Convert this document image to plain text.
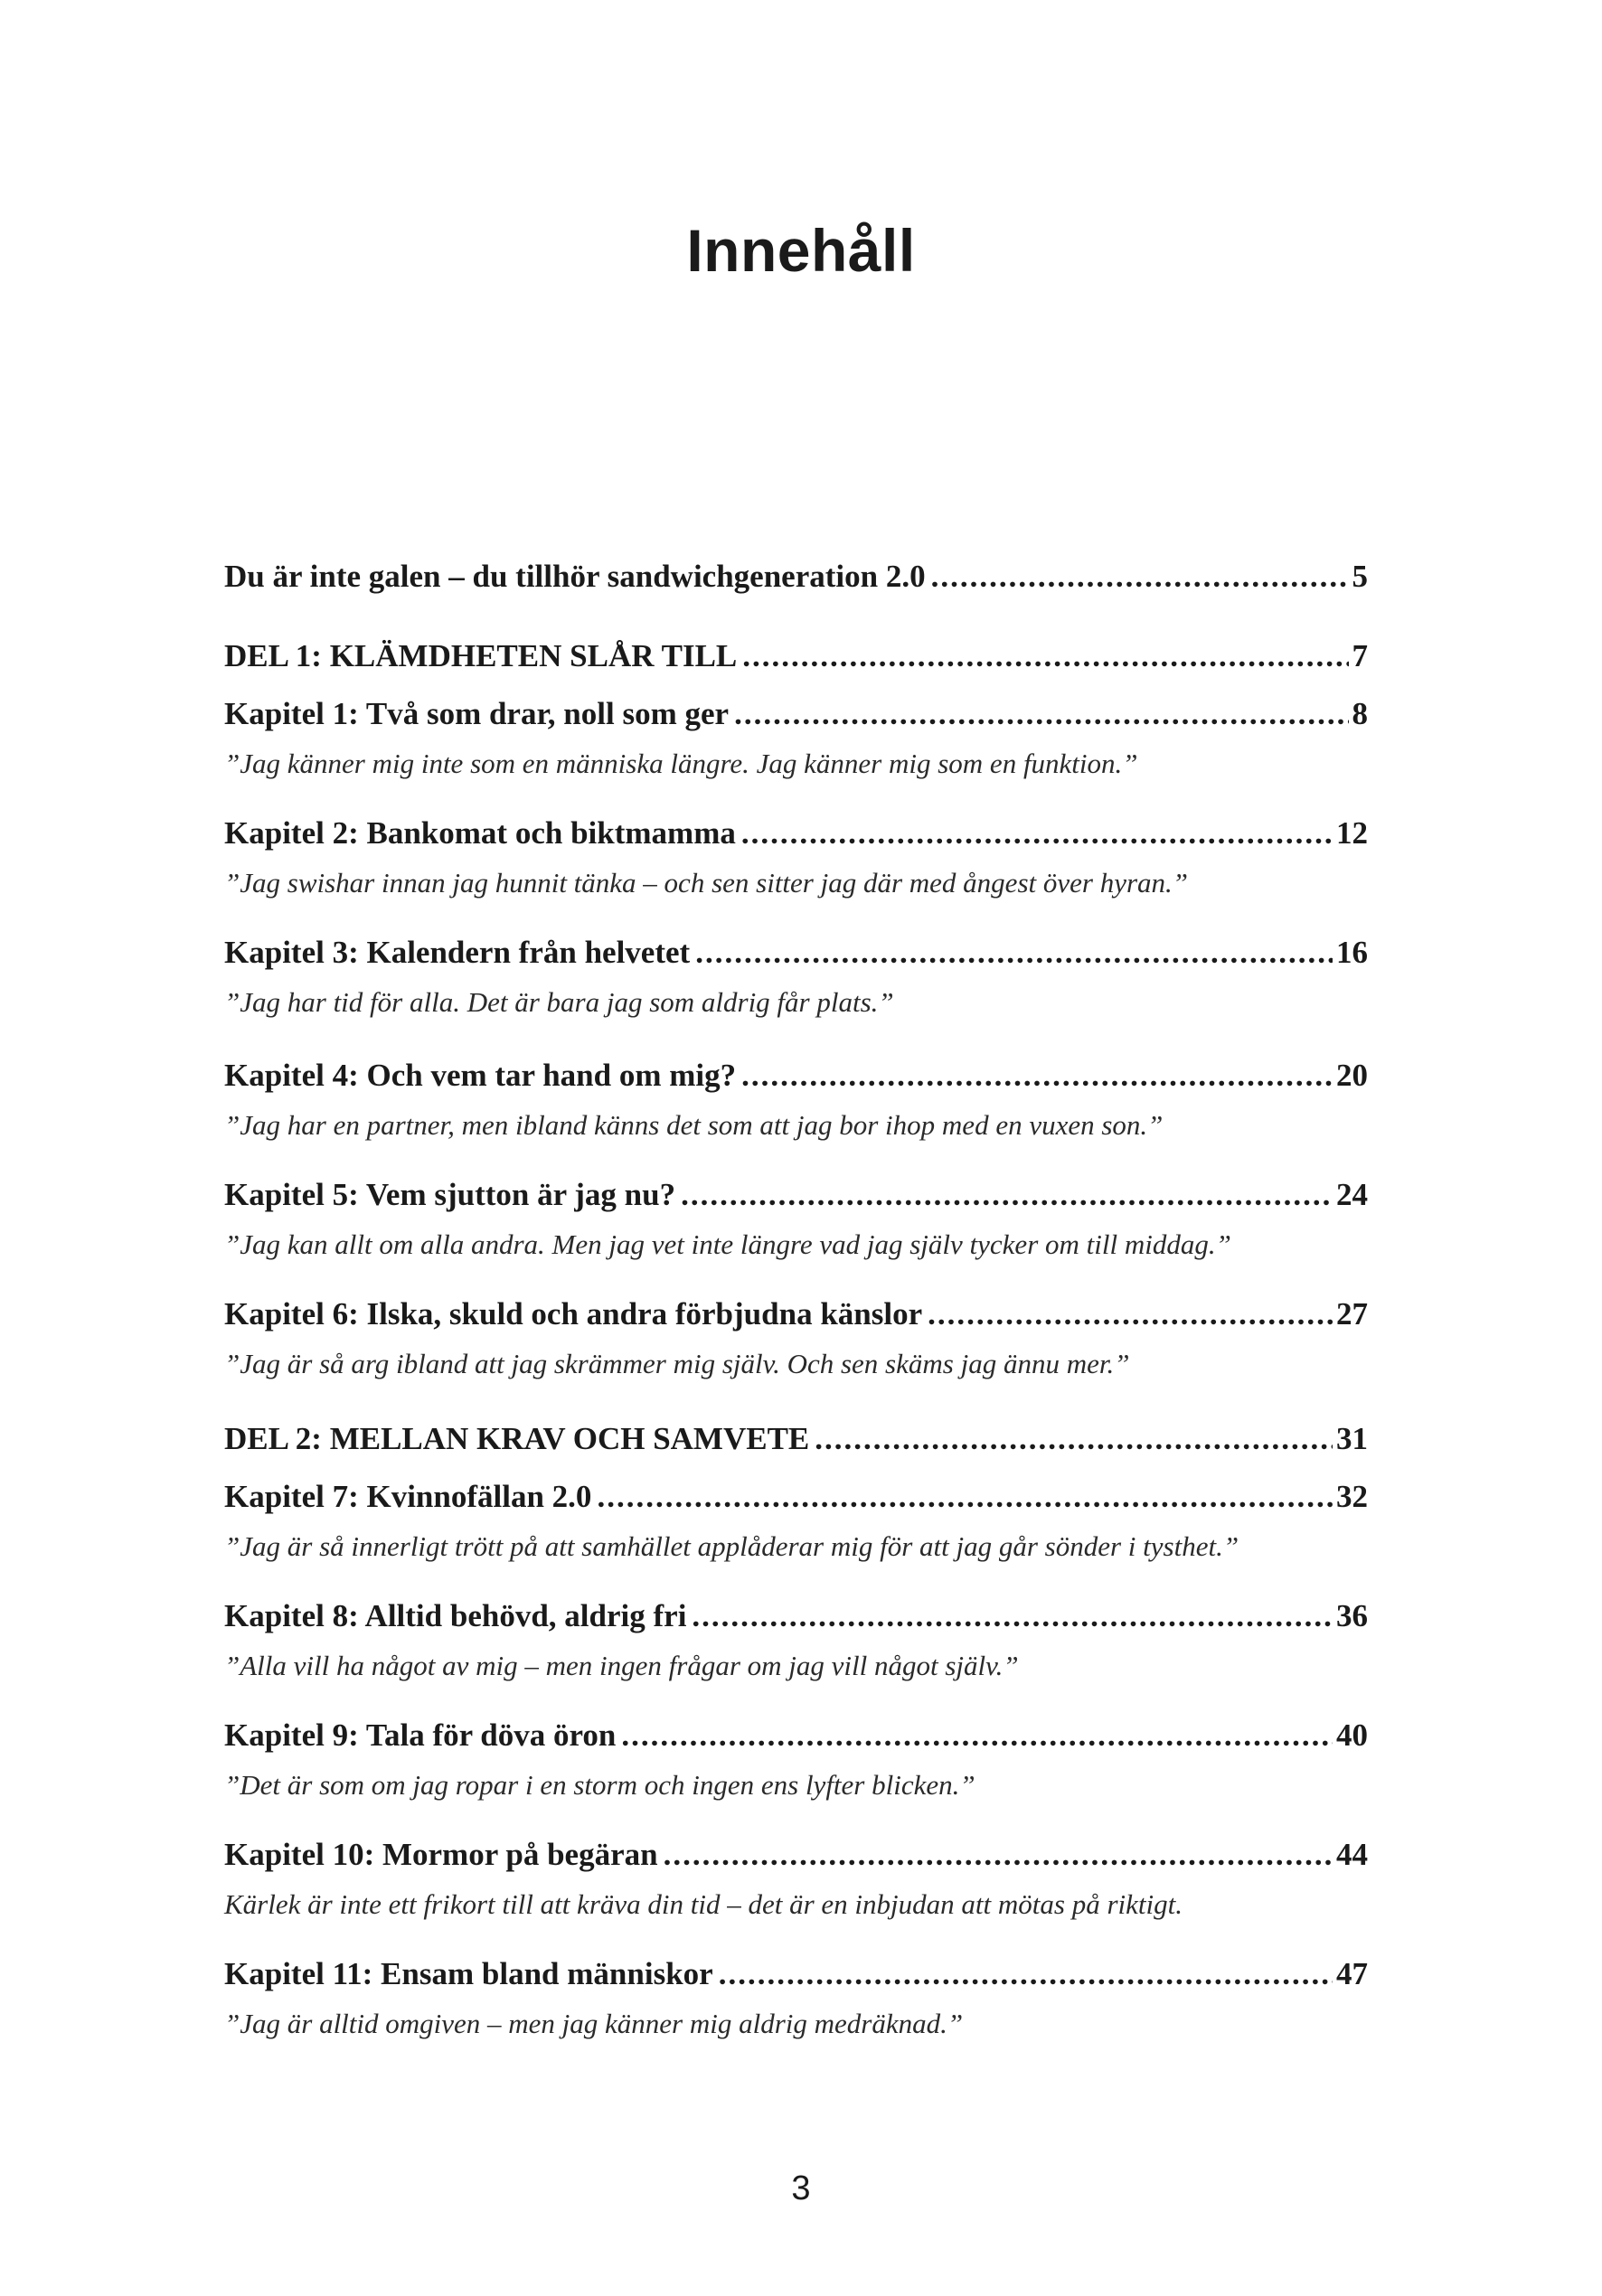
Innehåll
Du är inte galen – du tillhör sandwichgeneration 2.0 .....	5
DEL 1: KLÄMDHETEN SLÅR TILL .....	7
Kapitel 1: Två som drar, noll som ger .....	8
”Jag känner mig inte som en människa längre. Jag känner mig som en funktion.”
Kapitel 2: Bankomat och biktmamma .....	12
”Jag swishar innan jag hunnit tänka – och sen sitter jag där med ångest över hyran.”
Kapitel 3: Kalendern från helvetet .....	16
”Jag har tid för alla. Det är bara jag som aldrig får plats.”
Kapitel 4: Och vem tar hand om mig? .....	20
”Jag har en partner, men ibland känns det som att jag bor ihop med en vuxen son.”
Kapitel 5: Vem sjutton är jag nu? .....	24
”Jag kan allt om alla andra. Men jag vet inte längre vad jag själv tycker om till middag.”
Kapitel 6: Ilska, skuld och andra förbjudna känslor .....	27
”Jag är så arg ibland att jag skrämmer mig själv. Och sen skäms jag ännu mer.”
DEL 2: MELLAN KRAV OCH SAMVETE .....	31
Kapitel 7: Kvinnofällan 2.0 .....	32
”Jag är så innerligt trött på att samhället applåderar mig för att jag går sönder i tysthet.”
Kapitel 8: Alltid behövd, aldrig fri .....	36
”Alla vill ha något av mig – men ingen frågar om jag vill något själv.”
Kapitel 9: Tala för döva öron .....	40
”Det är som om jag ropar i en storm och ingen ens lyfter blicken.”
Kapitel 10: Mormor på begäran .....	44
Kärlek är inte ett frikort till att kräva din tid – det är en inbjudan att mötas på riktigt.
Kapitel 11: Ensam bland människor .....	47
”Jag är alltid omgiven – men jag känner mig aldrig medräknad.”
3
